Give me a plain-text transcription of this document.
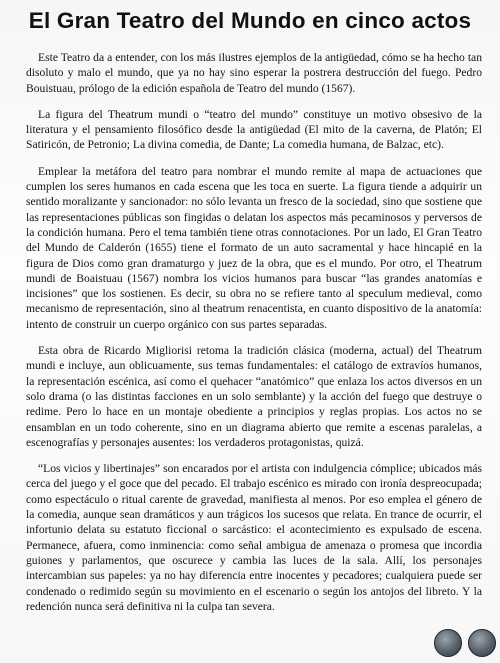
El Gran Teatro del Mundo en cinco actos

Este Teatro da a entender, con los más ilustres ejemplos de la antigüedad, cómo se ha hecho tan disoluto y malo el mundo, que ya no hay sino esperar la postrera destrucción del fuego. Pedro Bouistuau, prólogo de la edición española de Teatro del mundo (1567).

La figura del Theatrum mundi o “teatro del mundo” constituye un motivo obsesivo de la literatura y el pensamiento filosófico desde la antigüedad (El mito de la caverna, de Platón; El Satiricón, de Petronio; La divina comedia, de Dante; La comedia humana, de Balzac, etc).

Emplear la metáfora del teatro para nombrar el mundo remite al mapa de actuaciones que cumplen los seres humanos en cada escena que les toca en suerte. La figura tiende a adquirir un sentido moralizante y sancionador: no sólo levanta un fresco de la sociedad, sino que sostiene que las representaciones públicas son fingidas o delatan los aspectos más pecaminosos y perversos de la condición humana. Pero el tema también tiene otras connotaciones. Por un lado, El Gran Teatro del Mundo de Calderón (1655) tiene el formato de un auto sacramental y hace hincapié en la figura de Dios como gran dramaturgo y juez de la obra, que es el mundo. Por otro, el Theatrum mundi de Boaistuau (1567) nombra los vicios humanos para buscar “las grandes anatomías e incisiones” que los sostienen. Es decir, su obra no se refiere tanto al speculum medieval, como mecanismo de representación, sino al theatrum renacentista, en cuanto dispositivo de la anatomía: intento de construir un cuerpo orgánico con sus partes separadas.

Esta obra de Ricardo Migliorisi retoma la tradición clásica (moderna, actual) del Theatrum mundi e incluye, aun oblicuamente, sus temas fundamentales: el catálogo de extravíos humanos, la representación escénica, así como el quehacer “anatómico” que enlaza los actos diversos en un solo drama (o las distintas facciones en un solo semblante) y la acción del fuego que destruye o redime. Pero lo hace en un montaje obediente a principios y reglas propias. Los actos no se ensamblan en un todo coherente, sino en un diagrama abierto que remite a escenas paralelas, a escenografías y personajes ausentes: los verdaderos protagonistas, quizá.

“Los vicios y libertinajes” son encarados por el artista con indulgencia cómplice; ubicados más cerca del juego y el goce que del pecado. El trabajo escénico es mirado con ironía despreocupada; como espectáculo o ritual carente de gravedad, manifiesta al menos. Por eso emplea el género de la comedia, aunque sean dramáticos y aun trágicos los sucesos que relata. En trance de ocurrir, el infortunio delata su estatuto ficcional o sarcástico: el acontecimiento es expulsado de escena. Permanece, afuera, como inminencia: como señal ambigua de amenaza o promesa que incordia guiones y parlamentos, que oscurece y cambia las luces de la sala. Allí, los personajes intercambian sus papeles: ya no hay diferencia entre inocentes y pecadores; cualquiera puede ser condenado o redimido según su movimiento en el escenario o según los antojos del libreto. Y la redención nunca será definitiva ni la culpa tan severa.
